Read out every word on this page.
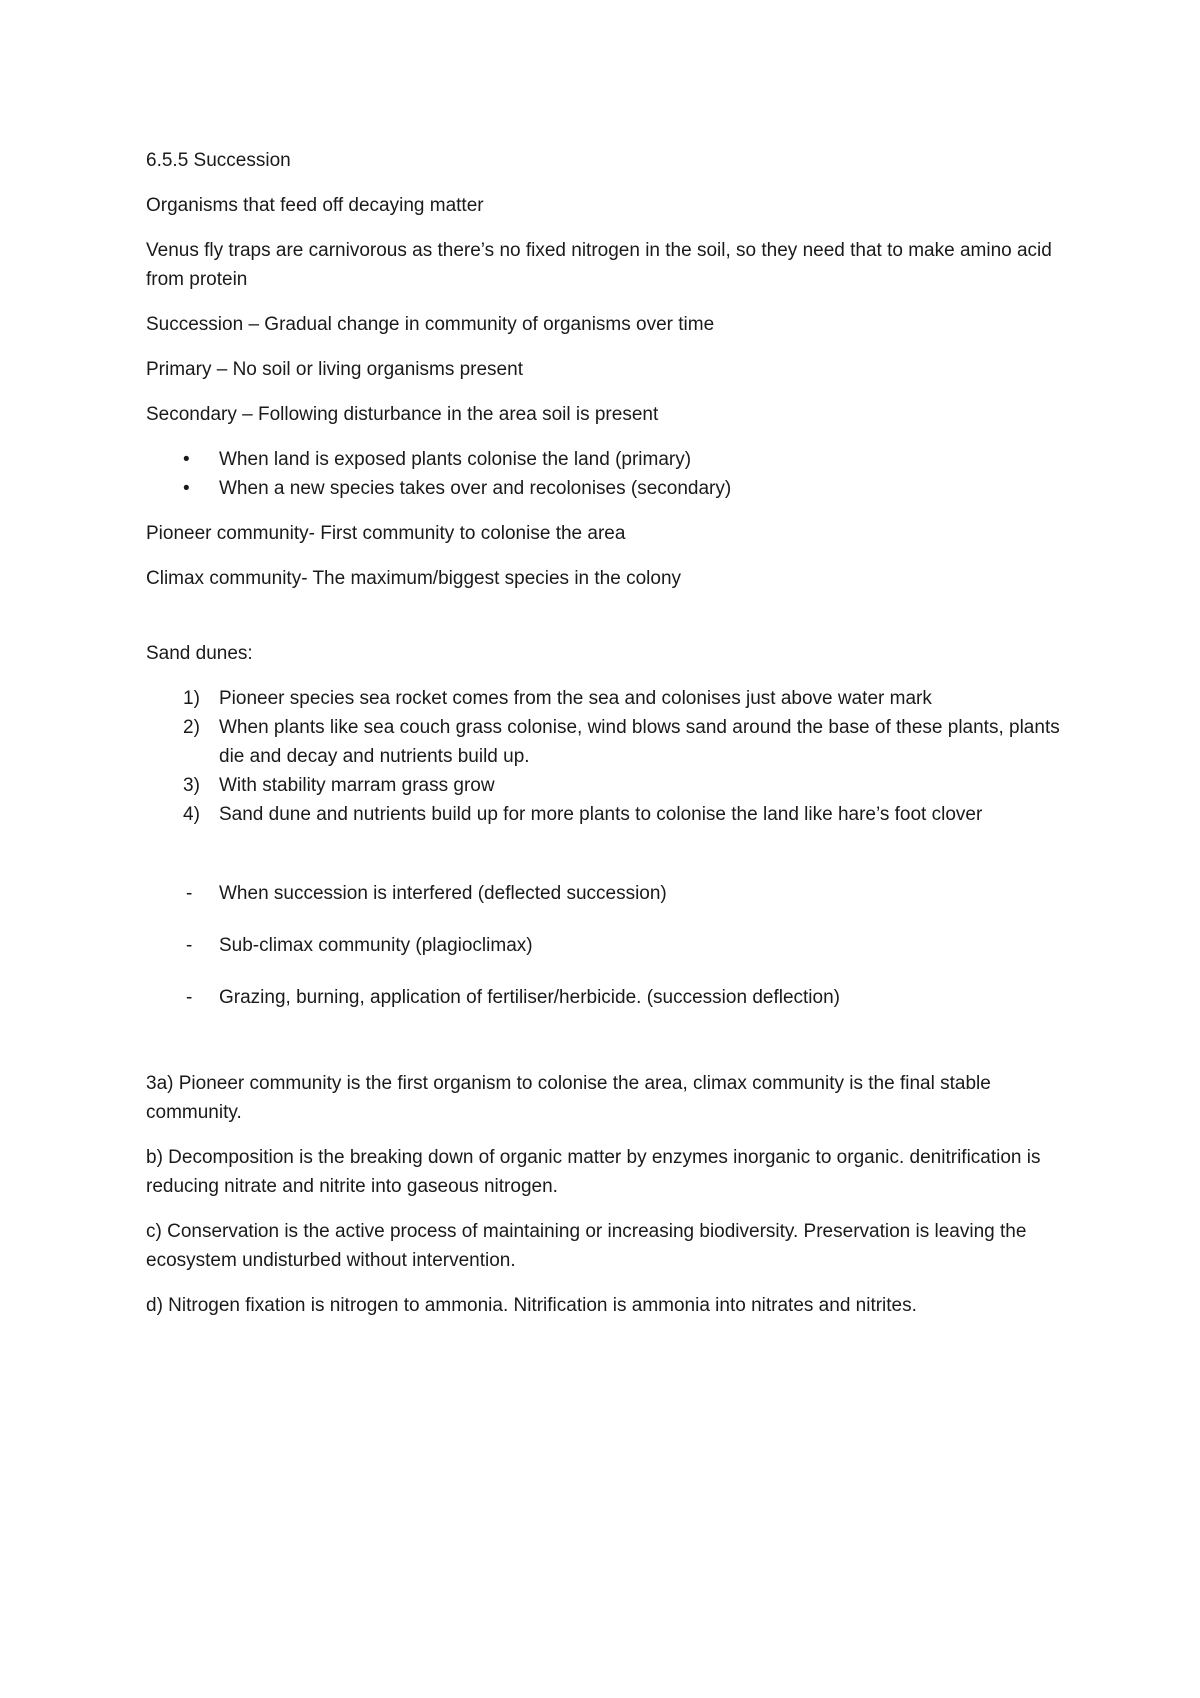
6.5.5 Succession

Organisms that feed off decaying matter

Venus fly traps are carnivorous as there’s no fixed nitrogen in the soil, so they need that to make amino acid from protein

Succession – Gradual change in community of organisms over time

Primary – No soil or living organisms present

Secondary – Following disturbance in the area soil is present

• When land is exposed plants colonise the land (primary)
• When a new species takes over and recolonises (secondary)

Pioneer community- First community to colonise the area

Climax community- The maximum/biggest species in the colony

Sand dunes:

1)	Pioneer species sea rocket comes from the sea and colonises just above water mark
2)	When plants like sea couch grass colonise, wind blows sand around the base of these plants, plants die and decay and nutrients build up.
3)	With stability marram grass grow
4)	Sand dune and nutrients build up for more plants to colonise the land like hare’s foot clover
- When succession is interfered (deflected succession)
- Sub-climax community (plagioclimax)
- Grazing, burning, application of fertiliser/herbicide. (succession deflection)

3a) Pioneer community is the first organism to colonise the area, climax community is the final stable community.

b) Decomposition is the breaking down of organic matter by enzymes inorganic to organic. denitrification is reducing nitrate and nitrite into gaseous nitrogen.

c) Conservation is the active process of maintaining or increasing biodiversity. Preservation is leaving the ecosystem undisturbed without intervention.

d) Nitrogen fixation is nitrogen to ammonia. Nitrification is ammonia into nitrates and nitrites.
